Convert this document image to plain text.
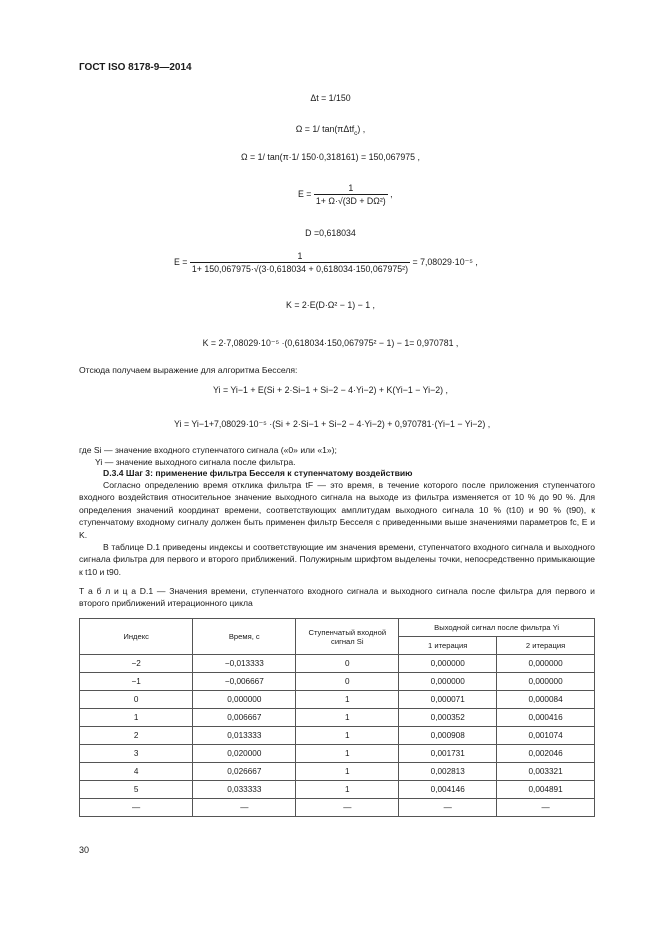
ГОСТ ISO 8178-9—2014
Δt = 1/150
Ω = 1/ tan(πΔtf$_c$) ,
Ω = 1/ tan(π·1/ 150·0,318161) = 150,067975 ,
$E = \frac{1}{\text{1+ Ω·√(3D + DΩ²)}}$ ,
D =0,618034
$E = \frac{1}{\text{1+ 150,067975·√(3·0,618034 + 0,618034·150,067975²)}} = 7,08029\cdot 10^{-5}$ ,
K = 2·E(D·Ω² − 1) − 1 ,
K = 2·7,08029·10⁻⁵ ·(0,618034·150,067975² − 1) − 1= 0,970781 ,
Отсюда получаем выражение для алгоритма Бесселя:
Yi = Yi−1 + E(Si + 2·Si−1 + Si−2 − 4·Yi−2) + K(Yi−1 − Yi−2) ,
Yi = Yi−1+7,08029·10⁻⁵ ·(Si + 2·Si−1 + Si−2 − 4·Yi−2) + 0,970781·(Yi−1 − Yi−2) ,
где Si — значение входного ступенчатого сигнала («0» или «1»);
Yi — значение выходного сигнала после фильтра.
D.3.4 Шаг 3: применение фильтра Бесселя к ступенчатому воздействию
Согласно определению время отклика фильтра tF — это время, в течение которого после приложения ступенчатого входного воздействия относительное значение выходного сигнала на выходе из фильтра изменяется от 10 % до 90 %. Для определения значений координат времени, соответствующих амплитудам выходного сигнала 10 % (t10) и 90 % (t90), к ступенчатому входному сигналу должен быть применен фильтр Бесселя с приведенными выше значениями параметров fc, E и K.
В таблице D.1 приведены индексы и соответствующие им значения времени, ступенчатого входного сигнала и выходного сигнала фильтра для первого и второго приближений. Полужирным шрифтом выделены точки, непосредственно примыкающие к t10 и t90.
Т а б л и ц а D.1 — Значения времени, ступенчатого входного сигнала и выходного сигнала после фильтра для первого и второго приближений итерационного цикла
Индекс	Время, с	Ступенчатый входной сигнал Si	Выходной сигнал после фильтра Yi	
			1 итерация	2 итерация
−2	−0,013333	0	0,000000	0,000000
−1	−0,006667	0	0,000000	0,000000
0	0,000000	1	0,000071	0,000084
1	0,006667	1	0,000352	0,000416
2	0,013333	1	0,000908	0,001074
3	0,020000	1	0,001731	0,002046
4	0,026667	1	0,002813	0,003321
5	0,033333	1	0,004146	0,004891
—	—	—	—	—
30
